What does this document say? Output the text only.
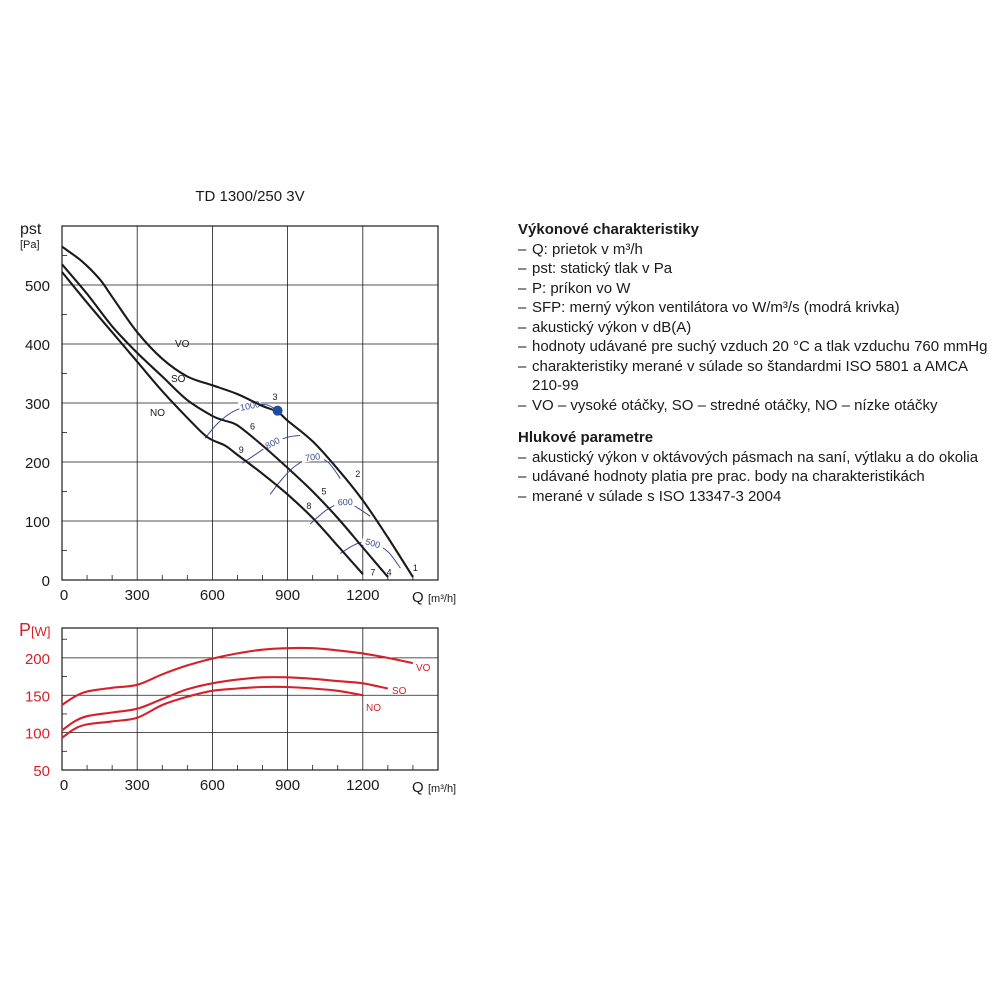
TD 1300/250 3V
0	300	600	900	1200
0
100
200
300
400
500
Q [m³/h]
pst
[Pa]
1000
800
700
600
500
VO
SO
NO
1
2
3
4
5
6
7
8
9
0	300	600	900	1200
50
100
150
200
Q [m³/h]
P [W]
VO
SO
NO
Výkonové charakteristiky
– Q: prietok v m³/h
– pst: statický tlak v Pa
– P: príkon vo W
– SFP: merný výkon ventilátora vo W/m³/s (modrá krivka)
– akustický výkon v dB(A)
– hodnoty udávané pre suchý vzduch 20 °C a tlak vzduchu 760 mmHg
– charakteristiky merané v súlade so štandardmi ISO 5801 a AMCA 210-99
– VO – vysoké otáčky, SO – stredné otáčky, NO – nízke otáčky
Hlukové parametre
– akustický výkon v oktávových pásmach na saní, výtlaku a do okolia
– udávané hodnoty platia pre prac. body na charakteristikách
– merané v súlade s ISO 13347-3 2004
